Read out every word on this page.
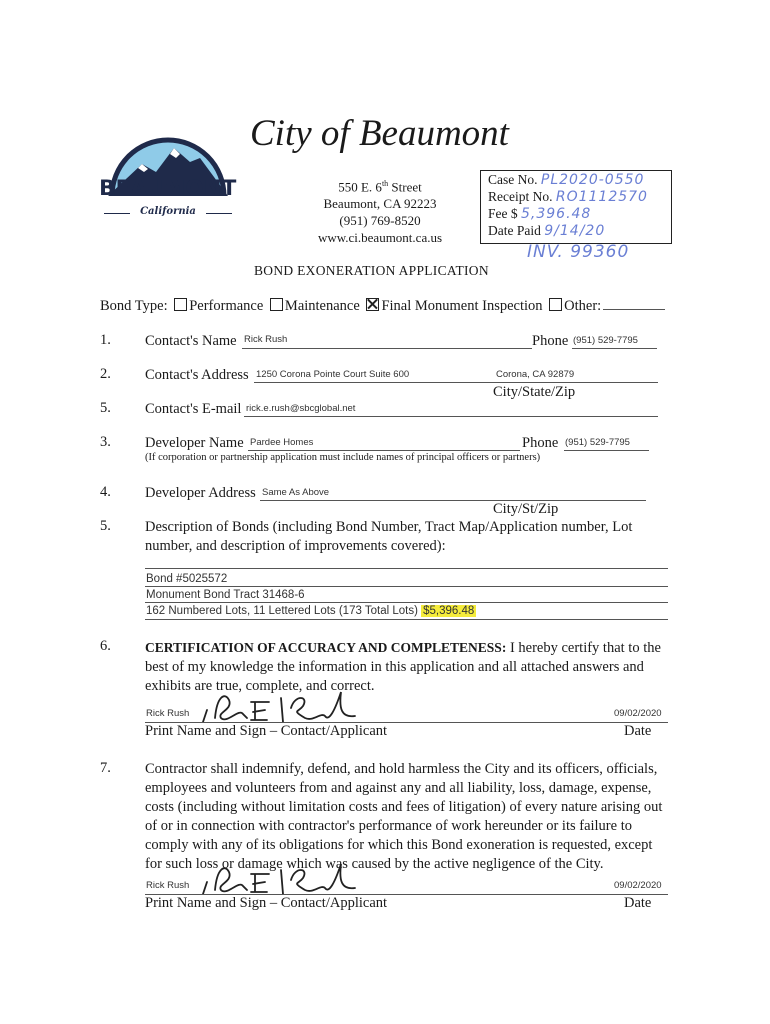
BEAUMONT
California
City of Beaumont
550 E. 6th Street
Beaumont, CA 92223
(951) 769-8520
www.ci.beaumont.ca.us
Case No. PL2020-0550
Receipt No. RO1112570
Fee $ 5,396.48
Date Paid 9/14/20
INV. 99360
BOND EXONERATION APPLICATION
Bond Type: Performance Maintenance Final Monument Inspection Other:
1. Contact's Name Rick Rush	Phone (951) 529-7795
2. Contact's Address 1250 Corona Pointe Court Suite 600	Corona, CA 92879
City/State/Zip
5. Contact's E-mail rick.e.rush@sbcglobal.net
3. Developer Name Pardee Homes	Phone (951) 529-7795
(If corporation or partnership application must include names of principal officers or partners)
4. Developer Address Same As Above
City/St/Zip
5. Description of Bonds (including Bond Number, Tract Map/Application number, Lot number, and description of improvements covered):
Bond #5025572
Monument Bond Tract 31468-6
162 Numbered Lots, 11 Lettered Lots (173 Total Lots) $5,396.48
6.	CERTIFICATION OF ACCURACY AND COMPLETENESS: I hereby certify that to the best of my knowledge the information in this application and all attached answers and exhibits are true, complete, and correct.
Rick Rush	09/02/2020
Print Name and Sign – Contact/Applicant	Date
7. Contractor shall indemnify, defend, and hold harmless the City and its officers, officials, employees and volunteers from and against any and all liability, loss, damage, expense, costs (including without limitation costs and fees of litigation) of every nature arising out of or in connection with contractor's performance of work hereunder or its failure to comply with any of its obligations for which this Bond exoneration is requested, except for such loss or damage which was caused by the active negligence of the City.
Rick Rush	09/02/2020
Print Name and Sign – Contact/Applicant	Date
